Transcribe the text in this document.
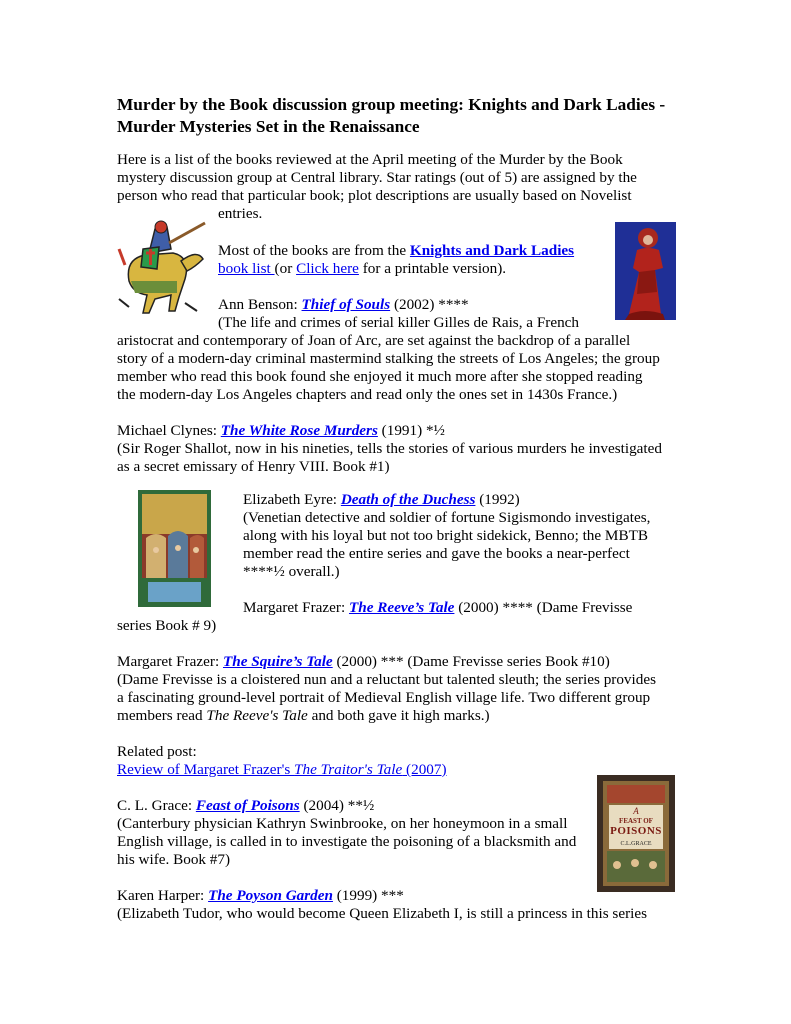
Murder by the Book discussion group meeting: Knights and Dark Ladies -
Murder Mysteries Set in the Renaissance
Here is a list of the books reviewed at the April meeting of the Murder by the Book
mystery discussion group at Central library. Star ratings (out of 5) are assigned by the
person who read that particular book; plot descriptions are usually based on Novelist
entries.
Most of the books are from the Knights and Dark Ladies
book list (or Click here for a printable version).
Ann Benson: Thief of Souls (2002) ****
(The life and crimes of serial killer Gilles de Rais, a French
aristocrat and contemporary of Joan of Arc, are set against the backdrop of a parallel
story of a modern-day criminal mastermind stalking the streets of Los Angeles; the group
member who read this book found she enjoyed it much more after she stopped reading
the modern-day Los Angeles chapters and read only the ones set in 1430s France.)
Michael Clynes: The White Rose Murders (1991) *½
(Sir Roger Shallot, now in his nineties, tells the stories of various murders he investigated
as a secret emissary of Henry VIII. Book #1)
Elizabeth Eyre: Death of the Duchess (1992)
(Venetian detective and soldier of fortune Sigismondo investigates,
along with his loyal but not too bright sidekick, Benno; the MBTB
member read the entire series and gave the books a near-perfect
****½ overall.)
Margaret Frazer: The Reeve’s Tale (2000) **** (Dame Frevisse
series Book # 9)
Margaret Frazer: The Squire’s Tale (2000) *** (Dame Frevisse series Book #10)
(Dame Frevisse is a cloistered nun and a reluctant but talented sleuth; the series provides
a fascinating ground-level portrait of Medieval English village life. Two different group
members read The Reeve's Tale and both gave it high marks.)
Related post:
Review of Margaret Frazer's The Traitor's Tale (2007)
A
FEAST OF
POISONS
C.L.GRACE
C. L. Grace: Feast of Poisons (2004) **½
(Canterbury physician Kathryn Swinbrooke, on her honeymoon in a small
English village, is called in to investigate the poisoning of a blacksmith and
his wife. Book #7)
Karen Harper: The Poyson Garden (1999) ***
(Elizabeth Tudor, who would become Queen Elizabeth I, is still a princess in this series
